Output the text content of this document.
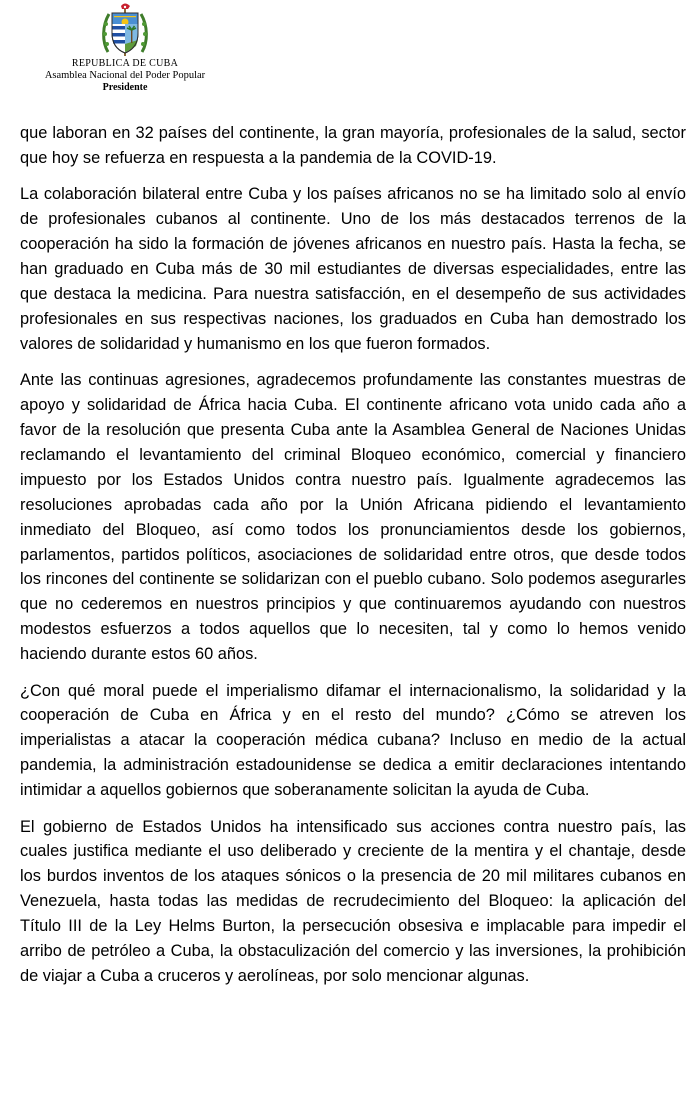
REPUBLICA DE CUBA
Asamblea Nacional del Poder Popular
Presidente

que laboran en 32 países del continente, la gran mayoría, profesionales de la salud, sector que hoy se refuerza en respuesta a la pandemia de la COVID-19.

La colaboración bilateral entre Cuba y los países africanos no se ha limitado solo al envío de profesionales cubanos al continente. Uno de los más destacados terrenos de la cooperación ha sido la formación de jóvenes africanos en nuestro país. Hasta la fecha, se han graduado en Cuba más de 30 mil estudiantes de diversas especialidades, entre las que destaca la medicina. Para nuestra satisfacción, en el desempeño de sus actividades profesionales en sus respectivas naciones, los graduados en Cuba han demostrado los valores de solidaridad y humanismo en los que fueron formados.

Ante las continuas agresiones, agradecemos profundamente las constantes muestras de apoyo y solidaridad de África hacia Cuba. El continente africano vota unido cada año a favor de la resolución que presenta Cuba ante la Asamblea General de Naciones Unidas reclamando el levantamiento del criminal Bloqueo económico, comercial y financiero impuesto por los Estados Unidos contra nuestro país. Igualmente agradecemos las resoluciones aprobadas cada año por la Unión Africana pidiendo el levantamiento inmediato del Bloqueo, así como todos los pronunciamientos desde los gobiernos, parlamentos, partidos políticos, asociaciones de solidaridad entre otros, que desde todos los rincones del continente se solidarizan con el pueblo cubano. Solo podemos asegurarles que no cederemos en nuestros principios y que continuaremos ayudando con nuestros modestos esfuerzos a todos aquellos que lo necesiten, tal y como lo hemos venido haciendo durante estos 60 años.

¿Con qué moral puede el imperialismo difamar el internacionalismo, la solidaridad y la cooperación de Cuba en África y en el resto del mundo? ¿Cómo se atreven los imperialistas a atacar la cooperación médica cubana? Incluso en medio de la actual pandemia, la administración estadounidense se dedica a emitir declaraciones intentando intimidar a aquellos gobiernos que soberanamente solicitan la ayuda de Cuba.

El gobierno de Estados Unidos ha intensificado sus acciones contra nuestro país, las cuales justifica mediante el uso deliberado y creciente de la mentira y el chantaje, desde los burdos inventos de los ataques sónicos o la presencia de 20 mil militares cubanos en Venezuela, hasta todas las medidas de recrudecimiento del Bloqueo: la aplicación del Título III de la Ley Helms Burton, la persecución obsesiva e implacable para impedir el arribo de petróleo a Cuba, la obstaculización del comercio y las inversiones, la prohibición de viajar a Cuba a cruceros y aerolíneas, por solo mencionar algunas.
